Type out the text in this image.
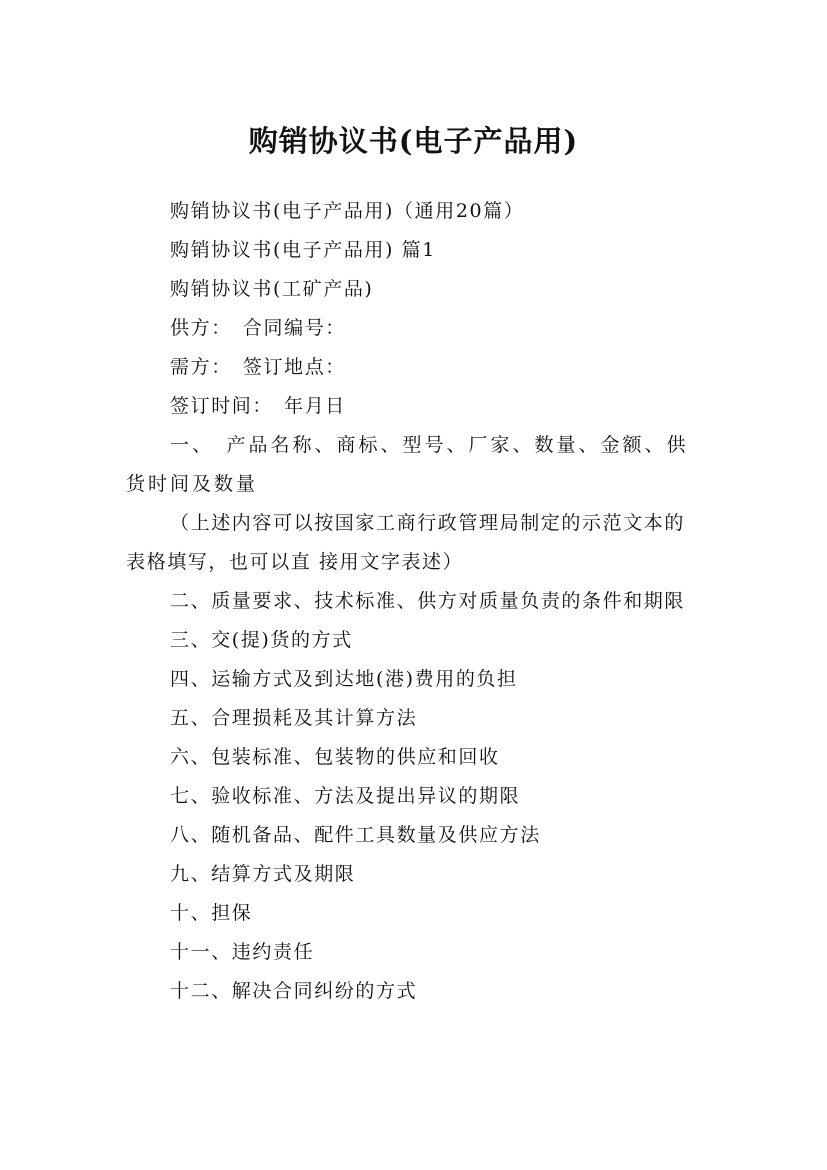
购销协议书(电子产品用)

购销协议书(电子产品用)（通用20篇）

购销协议书(电子产品用) 篇1

购销协议书(工矿产品)

供方：　合同编号：

需方：　签订地点：

签订时间：　年月日

一、　产品名称、商标、型号、厂家、数量、金额、供货时间及数量

（上述内容可以按国家工商行政管理局制定的示范文本的表格填写，也可以直 接用文字表述）

二、质量要求、技术标准、供方对质量负责的条件和期限

三、交(提)货的方式

四、运输方式及到达地(港)费用的负担

五、合理损耗及其计算方法

六、包装标准、包装物的供应和回收

七、验收标准、方法及提出异议的期限

八、随机备品、配件工具数量及供应方法

九、结算方式及期限

十、担保

十一、违约责任

十二、解决合同纠纷的方式
